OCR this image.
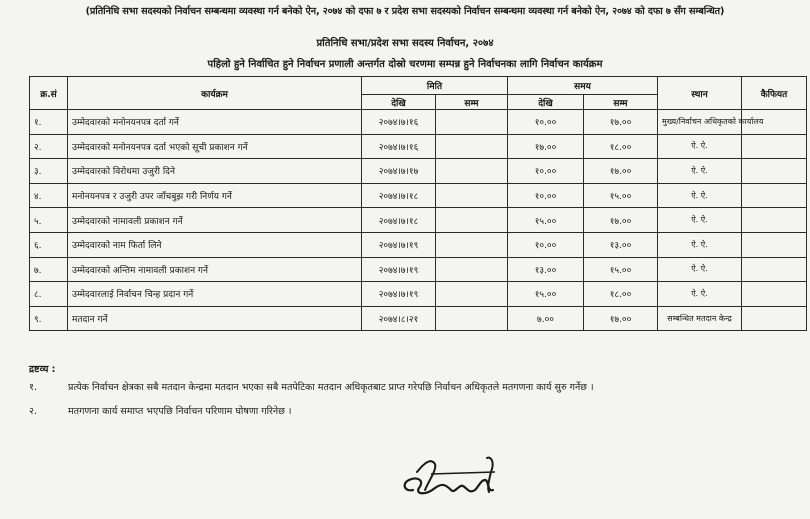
(प्रतिनिधि सभा सदस्यको निर्वाचन सम्बन्धमा व्यवस्था गर्न बनेको ऐन, २०७४ को दफा ७ र प्रदेश सभा सदस्यको निर्वाचन सम्बन्धमा व्यवस्था गर्न बनेको ऐन, २०७४ को दफा ७ सँग सम्बन्धित)
प्रतिनिधि सभा/प्रदेश सभा सदस्य निर्वाचन, २०७४
पहिलो हुने निर्वाचित हुने निर्वाचन प्रणाली अन्तर्गत दोस्रो चरणमा सम्पन्न हुने निर्वाचनका लागि निर्वाचन कार्यक्रम
क्र.सं	कार्यक्रम	मिति		समय		स्थान	कैफियत
		देखि	सम्म	देखि	सम्म		
१.	उम्मेदवारको मनोनयनपत्र दर्ता गर्ने	२०७४।७।१६		१०.००	१७.००	मुख्य/निर्वाचन अधिकृतको कार्यालय	
२.	उम्मेदवारको मनोनयनपत्र दर्ता भएको सूची प्रकाशन गर्ने	२०७४।७।१६		१७.००	१८.००	ऐ. ऐ.	
३.	उम्मेदवारको विरोधमा उजुरी दिने	२०७४।७।१७		१०.००	१७.००	ऐ. ऐ.	
४.	मनोनयनपत्र र उजुरी उपर जाँचबुझ गरी निर्णय गर्ने	२०७४।७।१८		१०.००	१५.००	ऐ. ऐ.	
५.	उम्मेदवारको नामावली प्रकाशन गर्ने	२०७४।७।१८		१५.००	१७.००	ऐ. ऐ.	
६.	उम्मेदवारको नाम फिर्ता लिने	२०७४।७।१९		१०.००	१३.००	ऐ. ऐ.	
७.	उम्मेदवारको अन्तिम नामावली प्रकाशन गर्ने	२०७४।७।१९		१३.००	१५.००	ऐ. ऐ.	
८.	उम्मेदवारलाई निर्वाचन चिन्ह प्रदान गर्ने	२०७४।७।१९		१५.००	१८.००	ऐ. ऐ.	
९.	मतदान गर्ने	२०७४।८।२१		७.००	१७.००	सम्बन्धित मतदान केन्द्र	
द्रष्टव्य :
१.	प्रत्येक निर्वाचन क्षेत्रका सबै मतदान केन्द्रमा मतदान भएका सबै मतपेटिका मतदान अधिकृतबाट प्राप्त गरेपछि निर्वाचन अधिकृतले मतगणना कार्य सुरु गर्नेछ ।
२.	मतगणना कार्य समाप्त भएपछि निर्वाचन परिणाम घोषणा गरिनेछ ।
